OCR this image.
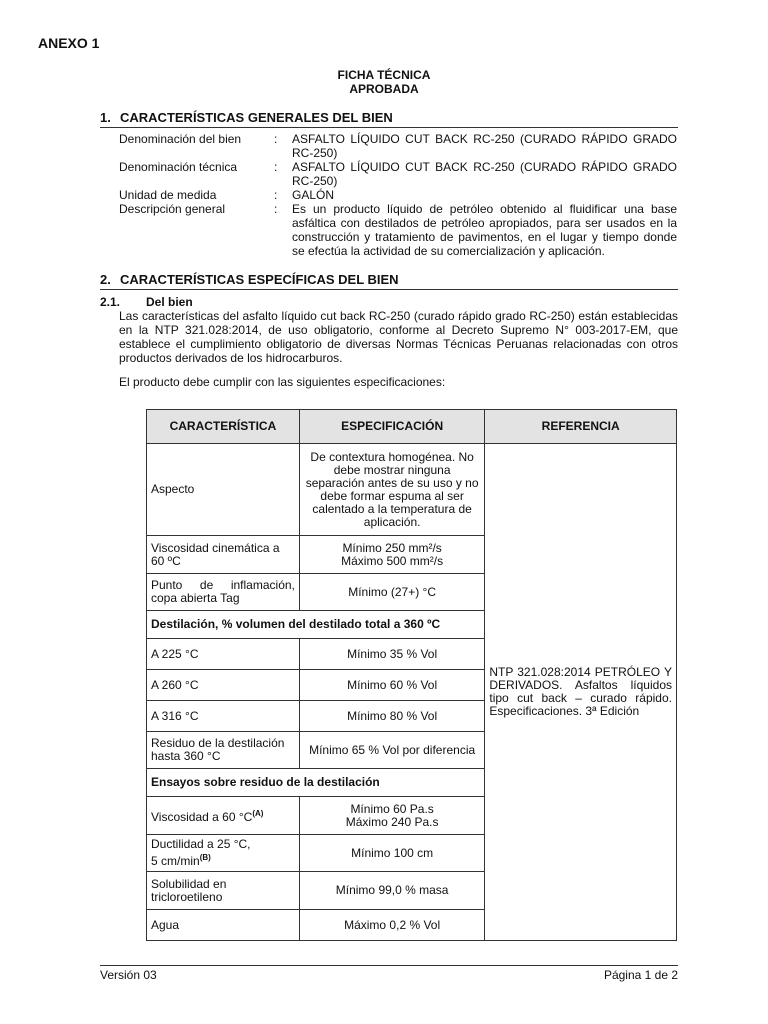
ANEXO 1
FICHA TÉCNICA
APROBADA
1. CARACTERÍSTICAS GENERALES DEL BIEN
Denominación del bien	:	ASFALTO LÍQUIDO CUT BACK RC-250 (CURADO RÁPIDO GRADO RC-250)
Denominación técnica	:	ASFALTO LÍQUIDO CUT BACK RC-250 (CURADO RÁPIDO GRADO RC-250)
Unidad de medida	:	GALÓN
Descripción general	:	Es un producto líquido de petróleo obtenido al fluidificar una base asfáltica con destilados de petróleo apropiados, para ser usados en la construcción y tratamiento de pavimentos, en el lugar y tiempo donde se efectúa la actividad de su comercialización y aplicación.
2. CARACTERÍSTICAS ESPECÍFICAS DEL BIEN
2.1. Del bien
Las características del asfalto líquido cut back RC-250 (curado rápido grado RC-250) están establecidas en la NTP 321.028:2014, de uso obligatorio, conforme al Decreto Supremo N° 003-2017-EM, que establece el cumplimiento obligatorio de diversas Normas Técnicas Peruanas relacionadas con otros productos derivados de los hidrocarburos.
El producto debe cumplir con las siguientes especificaciones:
CARACTERÍSTICA	ESPECIFICACIÓN	REFERENCIA
Aspecto	De contextura homogénea. No debe mostrar ninguna separación antes de su uso y no debe formar espuma al ser calentado a la temperatura de aplicación.	NTP 321.028:2014 PETRÓLEO Y DERIVADOS. Asfaltos líquidos tipo cut back – curado rápido. Especificaciones. 3ª Edición
Viscosidad cinemática a 60 ºC	Mínimo 250 mm²/s
Máximo 500 mm²/s	

Punto de inflamación, copa abierta Tag	Mínimo (27+) °C	
Destilación, % volumen del destilado total a 360 ºC		
A 225 °C	Mínimo 35 % Vol	
A 260 °C	Mínimo 60 % Vol	
A 316 °C	Mínimo 80 % Vol	
Residuo de la destilación hasta 360 °C	Mínimo 65 % Vol por diferencia	
Ensayos sobre residuo de la destilación		
Viscosidad a 60 $^\circ C^{(A)}$	Mínimo 60 Pa.s
Máximo 240 Pa.s	

Ductilidad a 25 °C,
5 $cm/\min^{(B)}$	Mínimo 100 cm	
Solubilidad en tricloroetileno	Mínimo 99,0 % masa	
Agua	Máximo 0,2 % Vol	
Versión 03	Página 1 de 2
